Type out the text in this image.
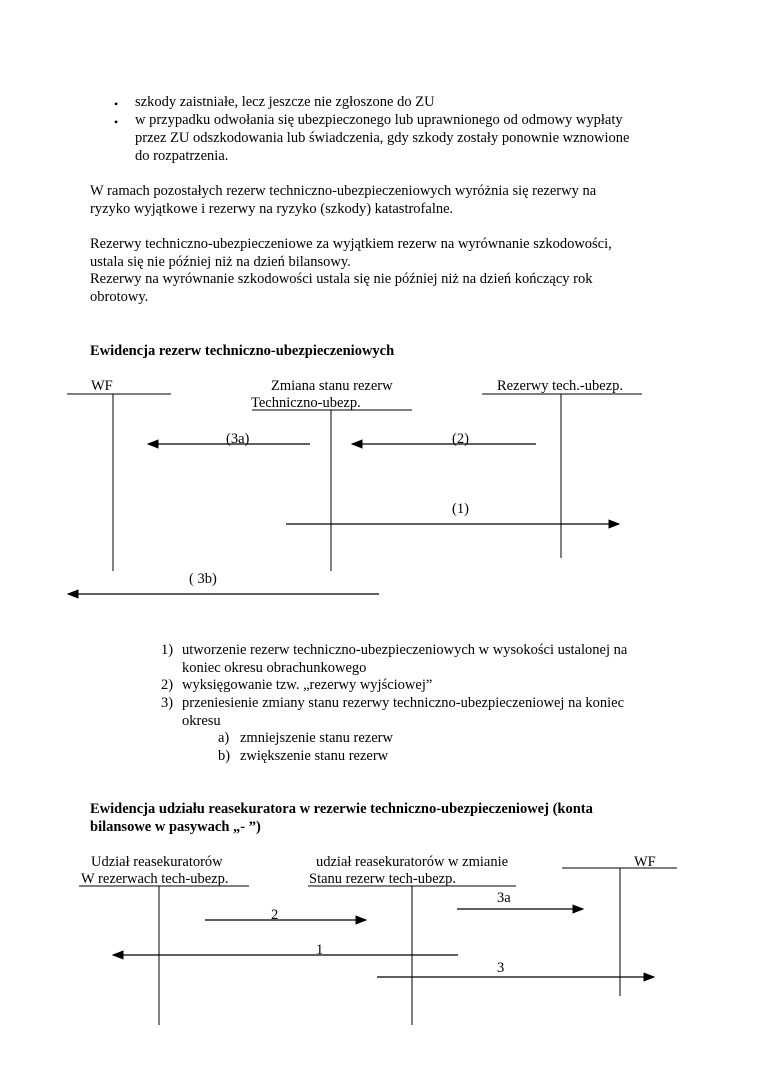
• szkody zaistniałe, lecz jeszcze nie zgłoszone do ZU
• w przypadku odwołania się ubezpieczonego lub uprawnionego od odmowy wypłaty
przez ZU odszkodowania lub świadczenia, gdy szkody zostały ponownie wznowione
do rozpatrzenia.
W ramach pozostałych rezerw techniczno-ubezpieczeniowych wyróżnia się rezerwy na
ryzyko wyjątkowe i rezerwy na ryzyko (szkody) katastrofalne.
Rezerwy techniczno-ubezpieczeniowe za wyjątkiem rezerw na wyrównanie szkodowości,
ustala się nie później niż na dzień bilansowy.
Rezerwy na wyrównanie szkodowości ustala się nie później niż na dzień kończący rok
obrotowy.
Ewidencja rezerw techniczno-ubezpieczeniowych
WF	Zmiana stanu rezerw
Techniczno-ubezp.
Rezerwy tech.-ubezp.
(3a)	(2)
(1)
( 3b)
1) utworzenie rezerw techniczno-ubezpieczeniowych w wysokości ustalonej na
koniec okresu obrachunkowego
2) wyksięgowanie tzw. „rezerwy wyjściowej”
3) przeniesienie zmiany stanu rezerwy techniczno-ubezpieczeniowej na koniec
okresu
a) zmniejszenie stanu rezerw
b) zwiększenie stanu rezerw
Ewidencja udziału reasekuratora w rezerwie techniczno-ubezpieczeniowej (konta
bilansowe w pasywach „- ”)
Udział reasekuratorów
W rezerwach tech-ubezp.
udział reasekuratorów w zmianie
Stanu rezerw tech-ubezp.
WF
3a
2
1
3
